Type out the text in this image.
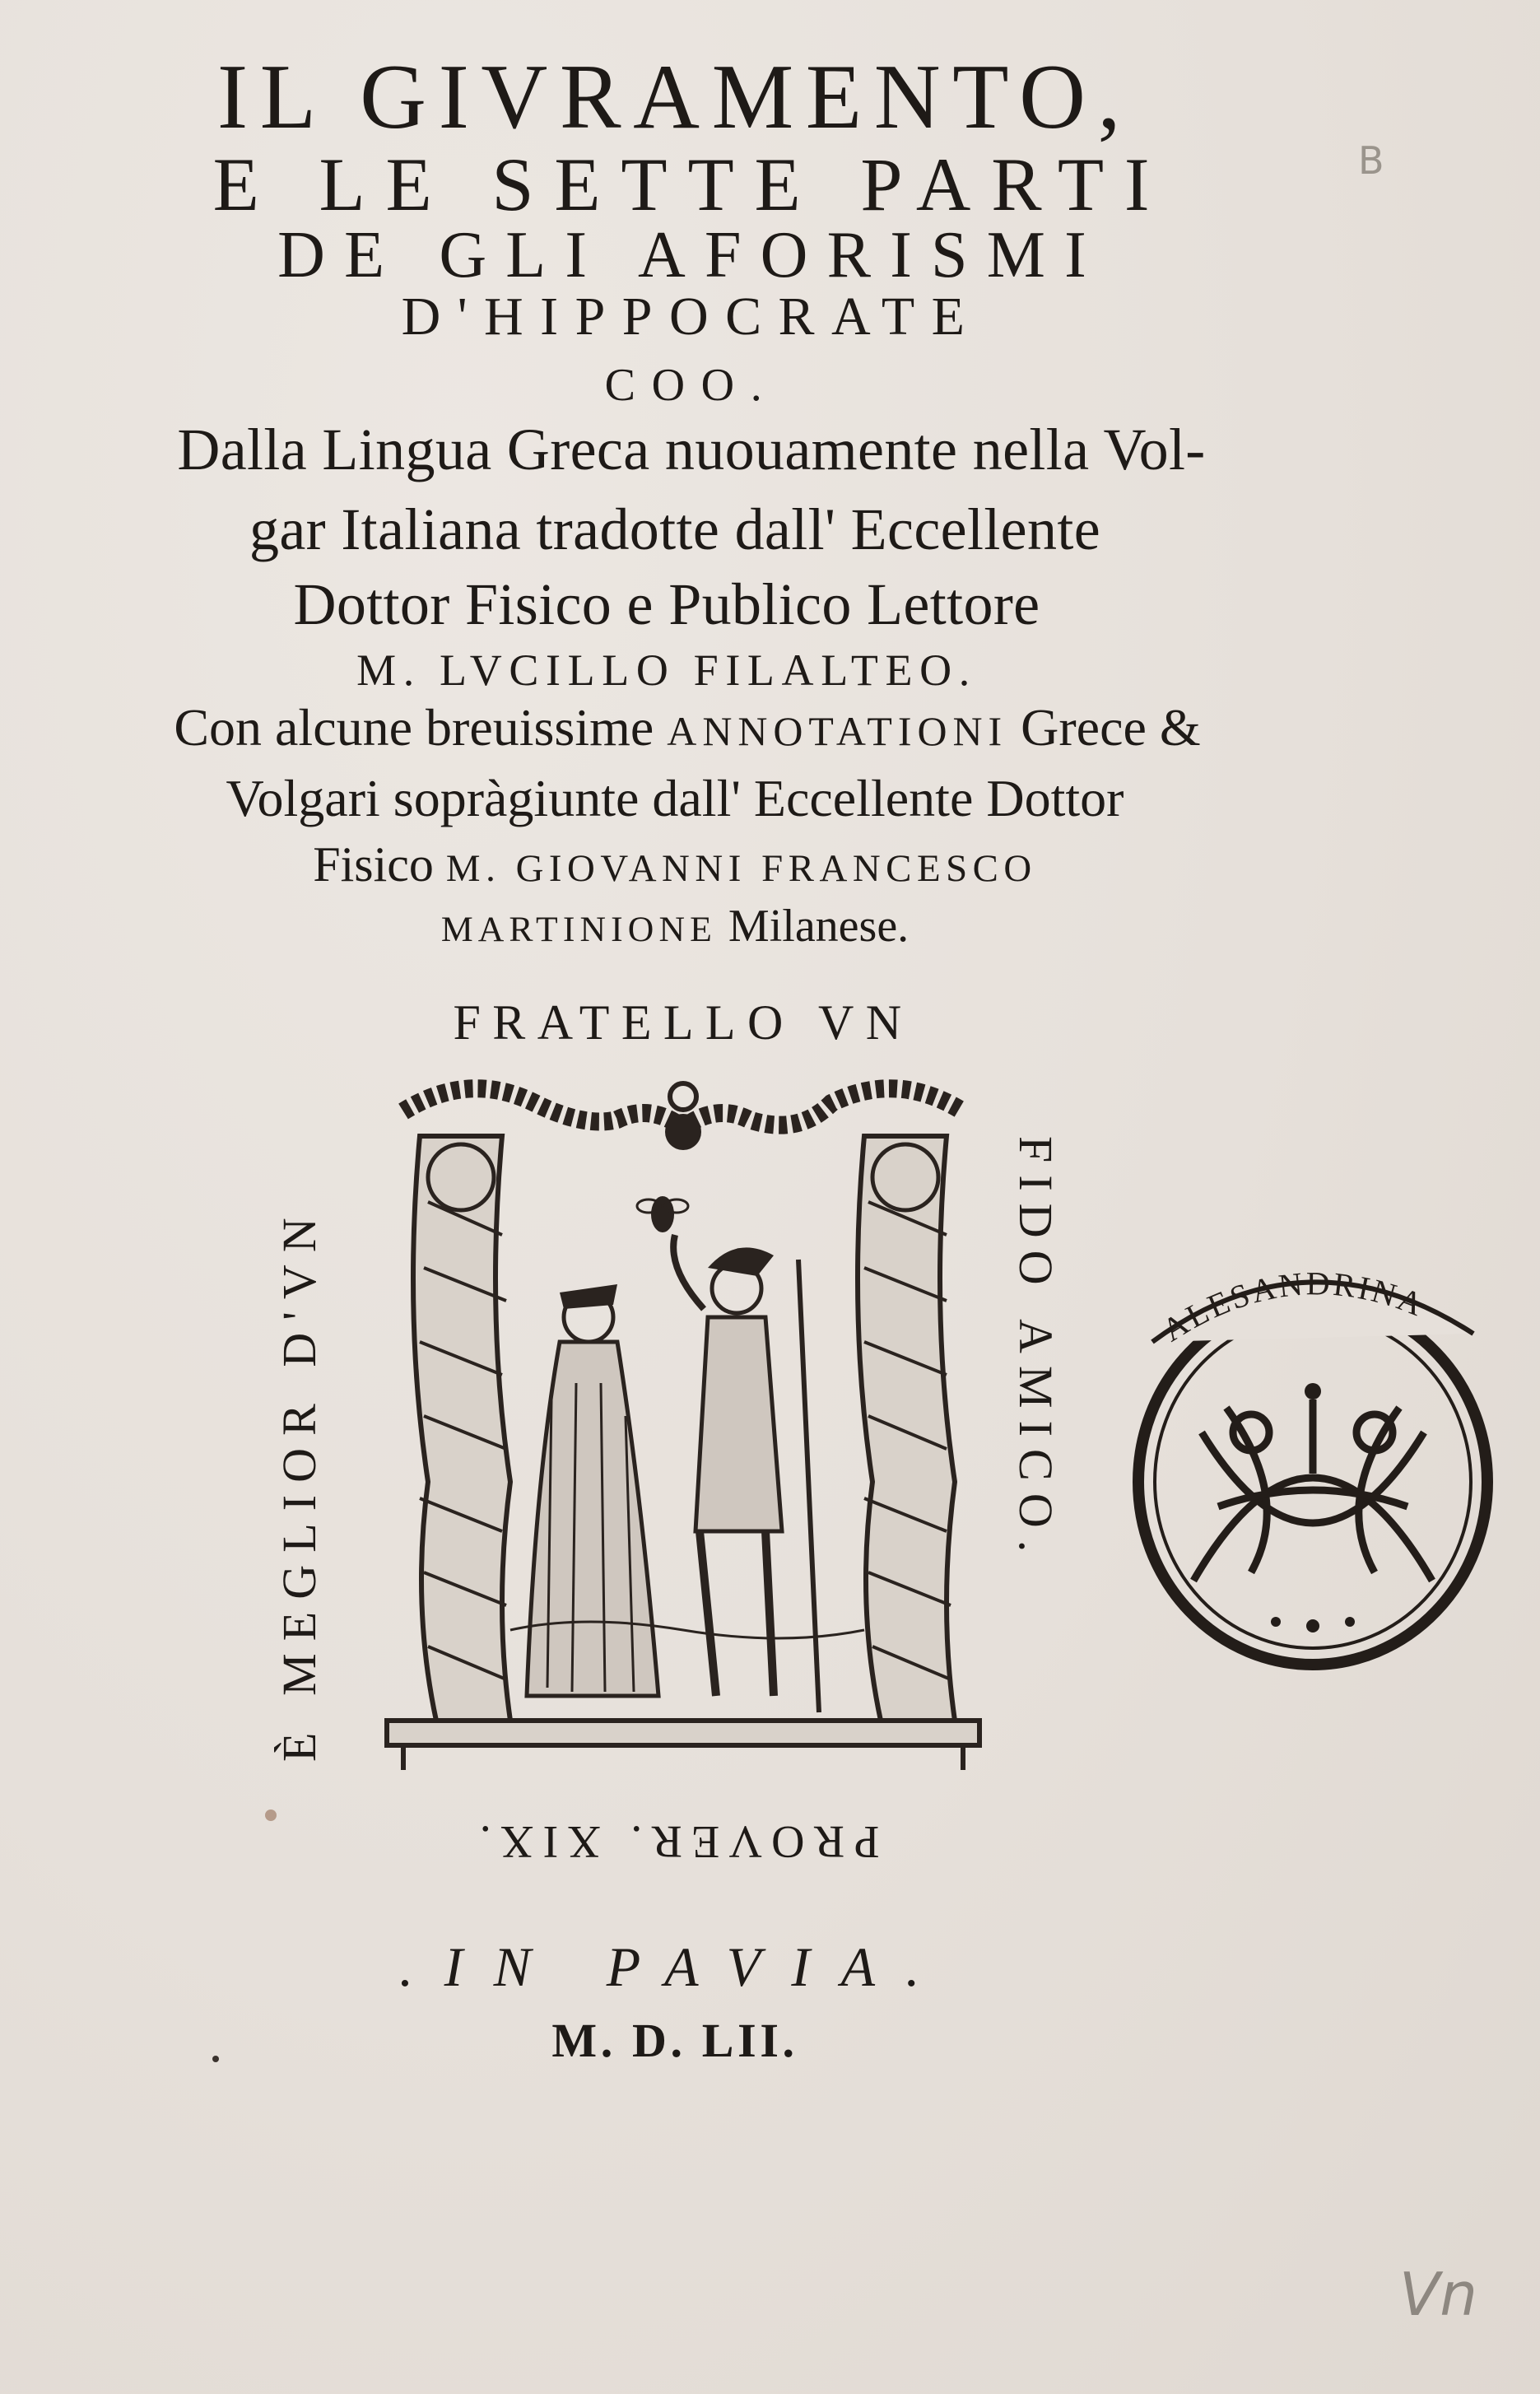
IL GIVRAMENTO,
E LE SETTE PARTI
DE GLI AFORISMI
D'HIPPOCRATE
COO.
Dalla Lingua Greca nuouamente nella Vol-
gar Italiana tradotte dall' Eccellente
Dottor Fisico e Publico Lettore
M. LVCILLO FILALTEO.
Con alcune breuissime ANNOTATIONI Grece &
Volgari sopràgiunte dall' Eccellente Dottor
Fisico M. GIOVANNI FRANCESCO
MARTINIONE Milanese.
FRATELLO VN
È MEGLIOR D'VN	FIDO AMICO.
PROVER. XIX.
ALESANDRINA
.IN PAVIA.
M. D. LII.
B
Vn
